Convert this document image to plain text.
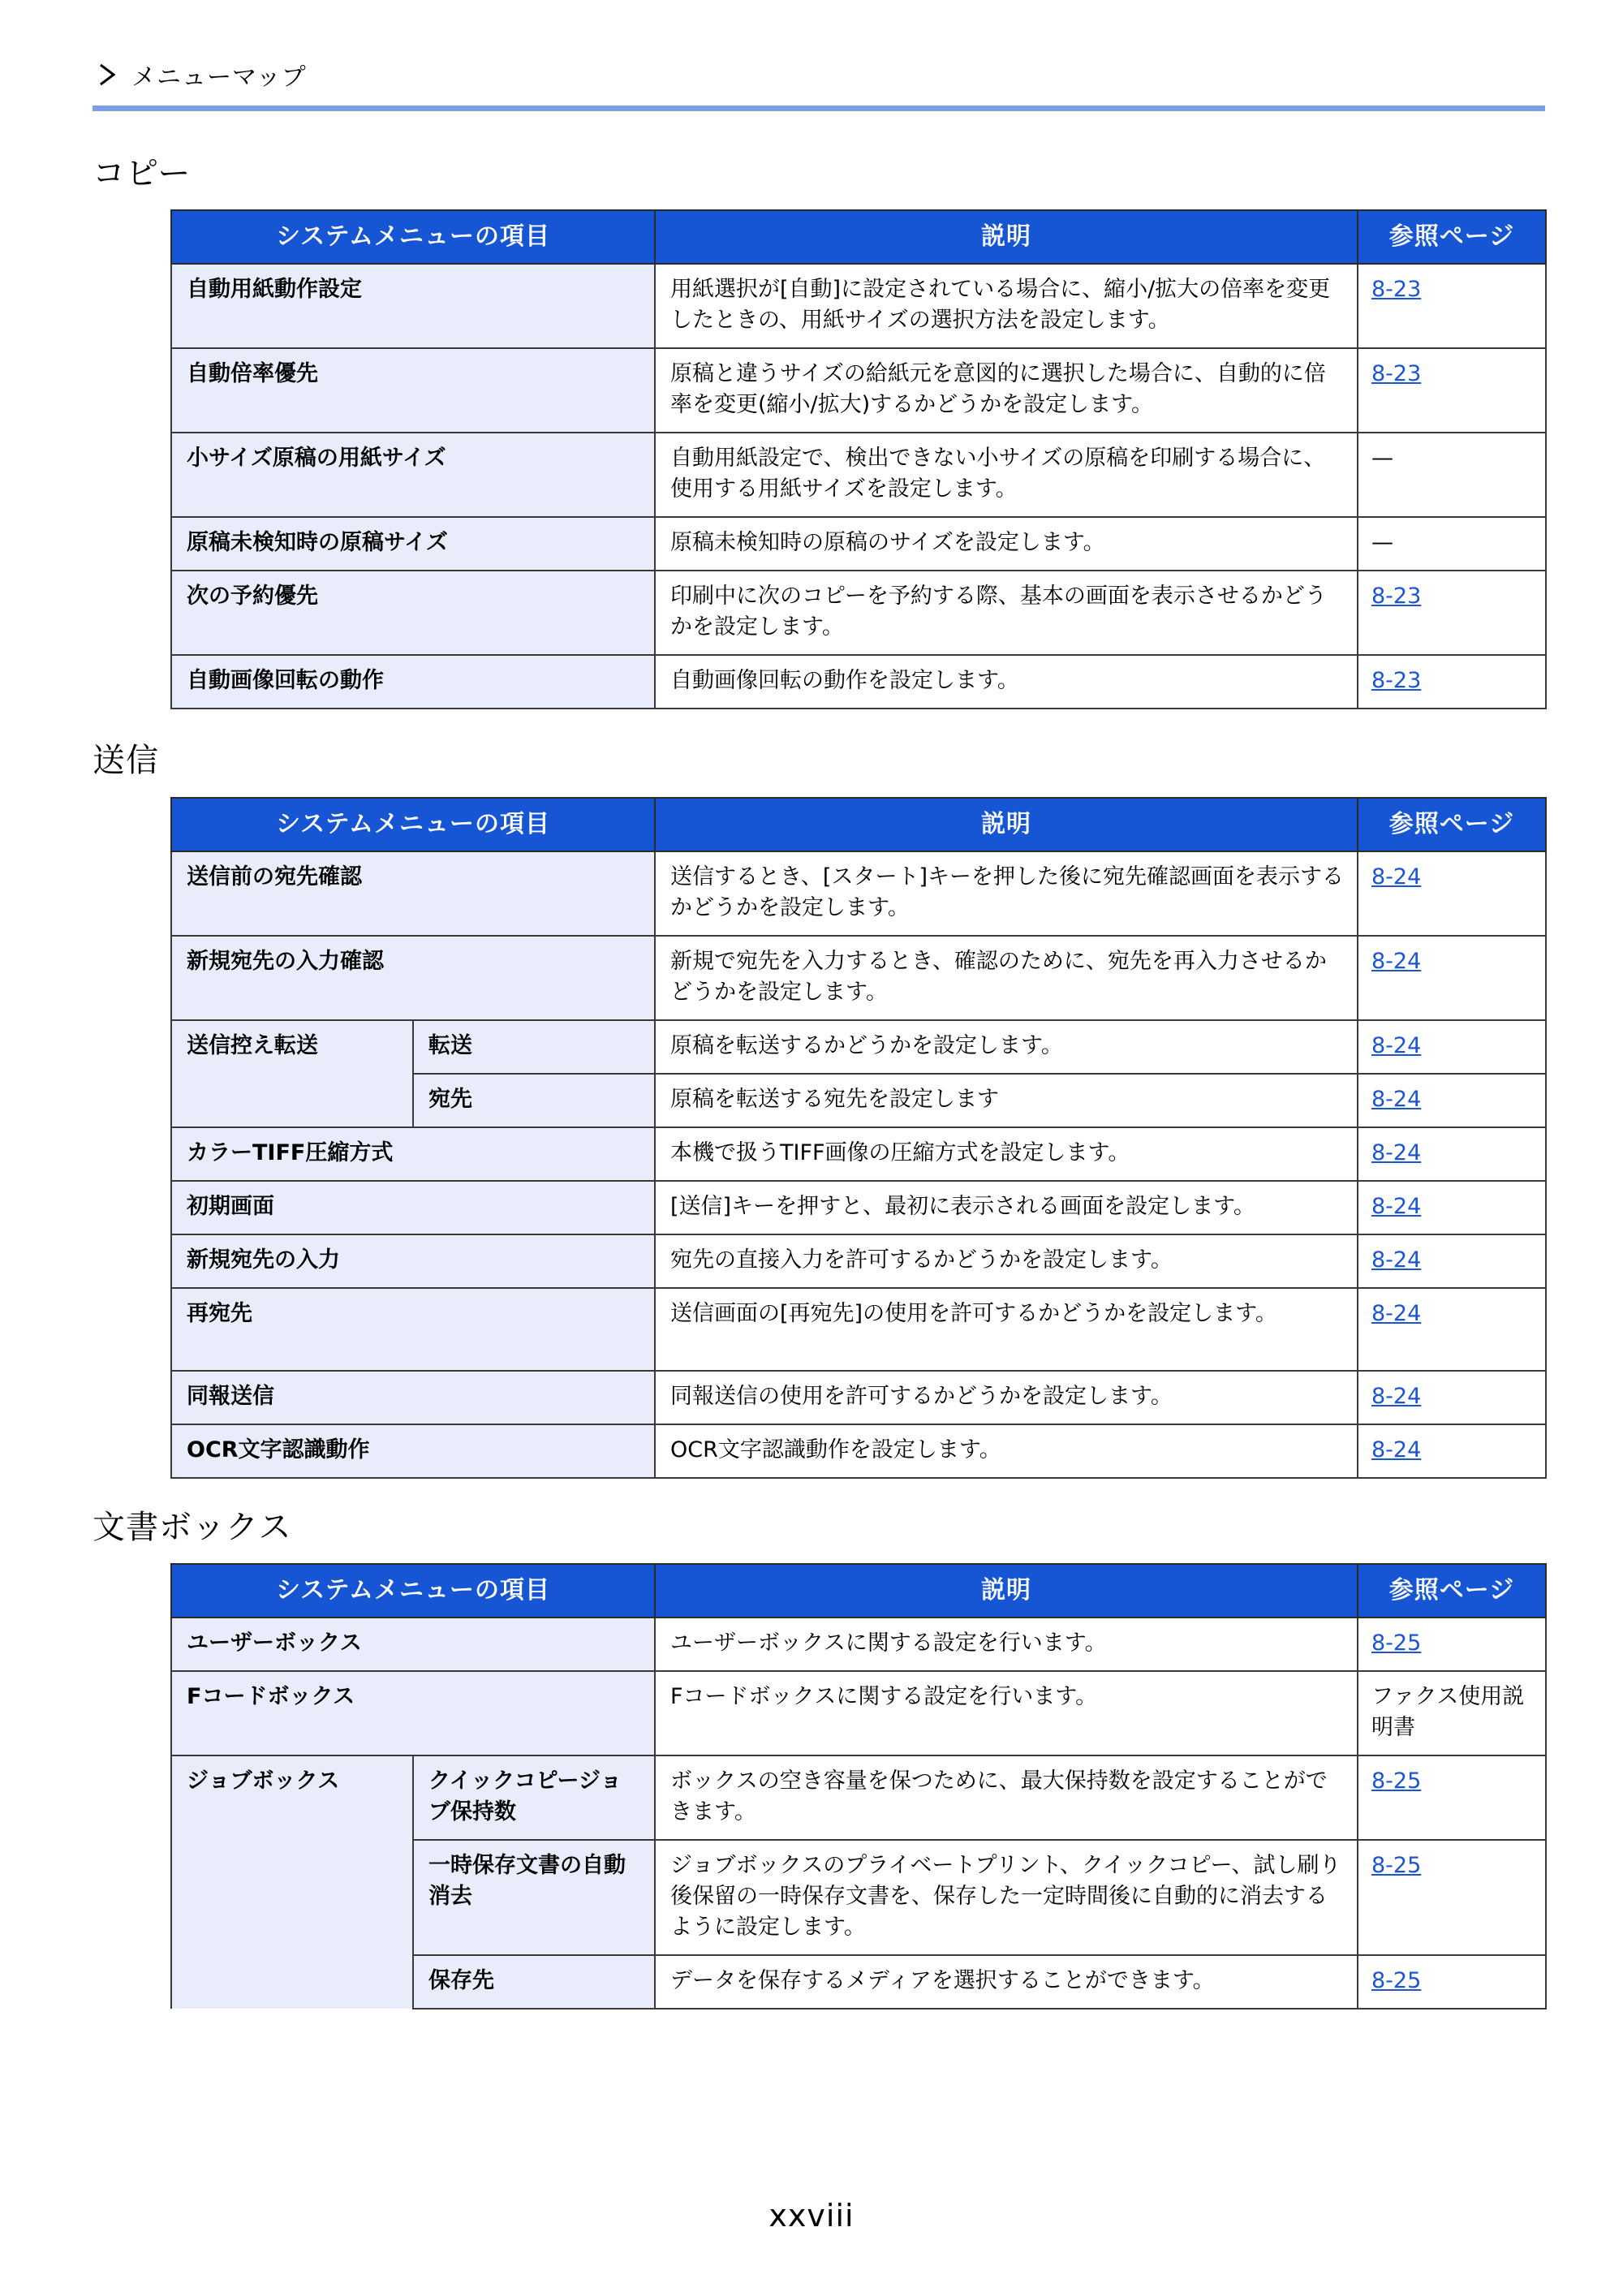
メニューマップ
コピー
システムメニューの項目	説明	参照ページ
自動用紙動作設定	用紙選択が[自動]に設定されている場合に、縮小/拡大の倍率を変更したときの、用紙サイズの選択方法を設定します。	8-23
自動倍率優先	原稿と違うサイズの給紙元を意図的に選択した場合に、自動的に倍率を変更(縮小/拡大)するかどうかを設定します。	8-23
小サイズ原稿の用紙サイズ	自動用紙設定で、検出できない小サイズの原稿を印刷する場合に、使用する用紙サイズを設定します。	—
原稿未検知時の原稿サイズ	原稿未検知時の原稿のサイズを設定します。	—
次の予約優先	印刷中に次のコピーを予約する際、基本の画面を表示させるかどうかを設定します。	8-23
自動画像回転の動作	自動画像回転の動作を設定します。	8-23
送信
システムメニューの項目		説明	参照ページ
送信前の宛先確認		送信するとき、[スタート]キーを押した後に宛先確認画面を表示するかどうかを設定します。	8-24
新規宛先の入力確認		新規で宛先を入力するとき、確認のために、宛先を再入力させるかどうかを設定します。	8-24
送信控え転送	転送	原稿を転送するかどうかを設定します。	8-24
	宛先	原稿を転送する宛先を設定します	8-24
カラーTIFF圧縮方式		本機で扱うTIFF画像の圧縮方式を設定します。	8-24
初期画面		[送信]キーを押すと、最初に表示される画面を設定します。	8-24
新規宛先の入力		宛先の直接入力を許可するかどうかを設定します。	8-24
再宛先		送信画面の[再宛先]の使用を許可するかどうかを設定します。	8-24
同報送信		同報送信の使用を許可するかどうかを設定します。	8-24
OCR文字認識動作		OCR文字認識動作を設定します。	8-24
文書ボックス
システムメニューの項目		説明	参照ページ
ユーザーボックス		ユーザーボックスに関する設定を行います。	8-25
Fコードボックス		Fコードボックスに関する設定を行います。	ファクス使用説明書
ジョブボックス	クイックコピージョブ保持数	ボックスの空き容量を保つために、最大保持数を設定することができます。	8-25
	一時保存文書の自動消去	ジョブボックスのプライベートプリント、クイックコピー、試し刷り後保留の一時保存文書を、保存した一定時間後に自動的に消去するように設定します。	8-25
	保存先	データを保存するメディアを選択することができます。	8-25
xxviii
